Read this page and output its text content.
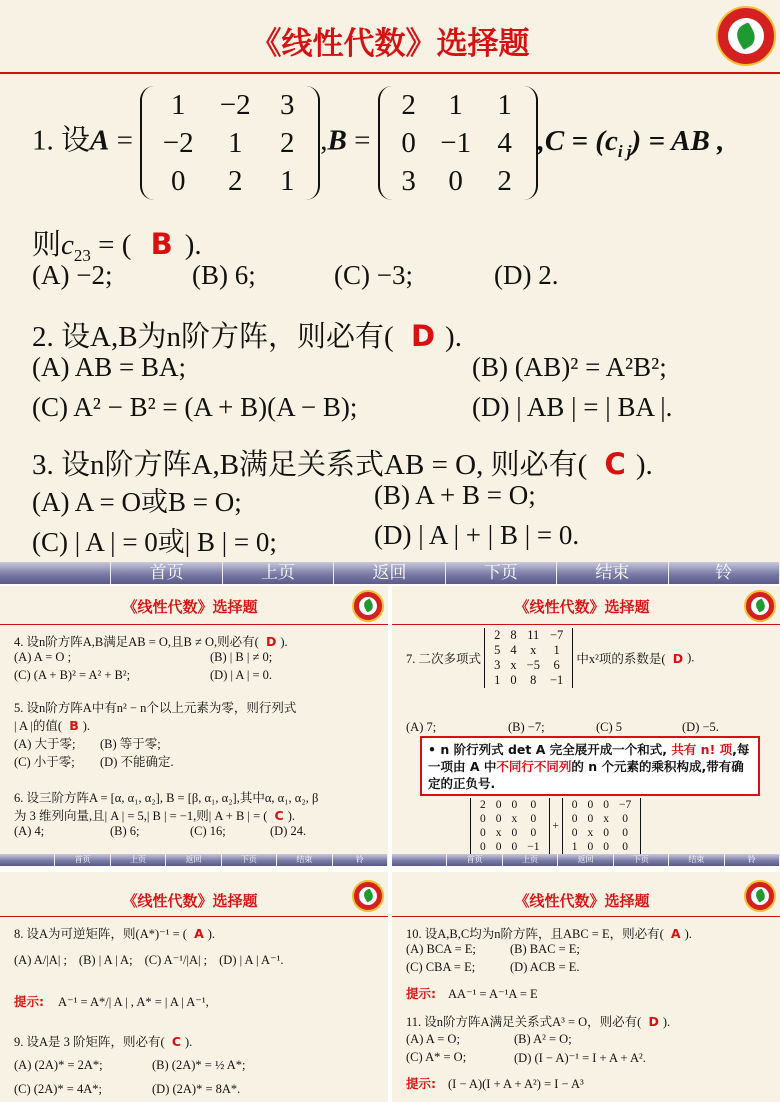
《线性代数》选择题
1. 设A =
1	−2	3
−2	1	2
0	2	1
,B =
2	1	1
0	−1	4
3	0	2
$,C = (c_{i j})$ = AB ,
则$c_{23}$ = ( B ).
(A) −2;	(B) 6;	(C) −3;	(D) 2.
2. 设A,B为n阶方阵，则必有( D ).
(A) AB = BA;	(B) (AB)² = A²B²;
(C) A² − B² = (A + B)(A − B);	(D) | AB | = | BA |.
3. 设n阶方阵A,B满足关系式AB = O, 则必有( C ).
(A) A = O或B = O;	(B) A + B = O;
(C) | A | = 0或| B | = 0;	(D) | A | + | B | = 0.
首页	上页	返回	下页	结束	铃
《线性代数》选择题
4. 设n阶方阵A,B满足AB = O,且B ≠ O,则必有( D ).
(A) A = O ;	(B) | B | ≠ 0;
(C) (A + B)² = A² + B²;	(D) | A | = 0.
5. 设n阶方阵A中有n² − n个以上元素为零，则行列式
| A |的值( B ).
(A) 大于零; (B) 等于零;
(C) 小于零; (D) 不能确定.
6. 设三阶方阵A = [α, α₁, α₂], B = [β, α₁, α₂],其中α, α₁, α₂, β
为 3 维列向量,且| A | = 5,| B | = −1,则| A + B | = ( C ).
(A) 4;	(B) 6;	(C) 16;	(D) 24.
首页	上页	返回	下页	结束	铃
《线性代数》选择题
7. 二次多项式
2	8	11	−7
5	4	x	1
3	x	−5	6
1	0	8	−1
中x²项的系数是( D ).
(A) 7;	(B) −7;	(C) 5	(D) −5.
• n 阶行列式 det A 完全展开成一个和式, 共有 n! 项,每一项由 A 中不同行不同列的 n 个元素的乘积构成,带有确定的正负号.
2	0	0	0
0	0	x	0
0	x	0	0
0	0	0	−1
+
0	0	0	−7
0	0	x	0
0	x	0	0
1	0	0	0
首页	上页	返回	下页	结束	铃
《线性代数》选择题
8. 设A为可逆矩阵，则(A*)⁻¹ = ( A ).
(A) A/|A| ; (B) | A | A; (C) A⁻¹/|A| ; (D) | A | A⁻¹.
提示: A⁻¹ = A*/| A | , A* = | A | A⁻¹,
9. 设A是 3 阶矩阵，则必有( C ).
(A) (2A)* = 2A*;	(B) (2A)* = ½ A*;
(C) (2A)* = 4A*;	(D) (2A)* = 8A*.
《线性代数》选择题
10. 设A,B,C均为n阶方阵，且ABC = E，则必有( A ).
(A) BCA = E;	(B) BAC = E;
(C) CBA = E;	(D) ACB = E.
提示: AA⁻¹ = A⁻¹A = E
11. 设n阶方阵A满足关系式A³ = O，则必有( D ).
(A) A = O;	(B) A² = O;
(C) A* = O;	(D) (I − A)⁻¹ = I + A + A².
提示: (I − A)(I + A + A²) = I − A³
